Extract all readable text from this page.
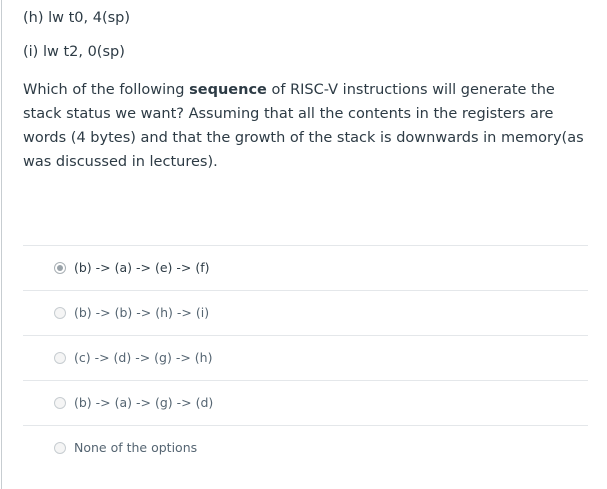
(h) lw t0, 4(sp)
(i) lw t2, 0(sp)
Which of the following sequence of RISC-V instructions will generate the stack status we want? Assuming that all the contents in the registers are words (4 bytes) and that the growth of the stack is downwards in memory(as was discussed in lectures).
(b) -> (a) -> (e) -> (f)
(b) -> (b) -> (h) -> (i)
(c) -> (d) -> (g) -> (h)
(b) -> (a) -> (g) -> (d)
None of the options
